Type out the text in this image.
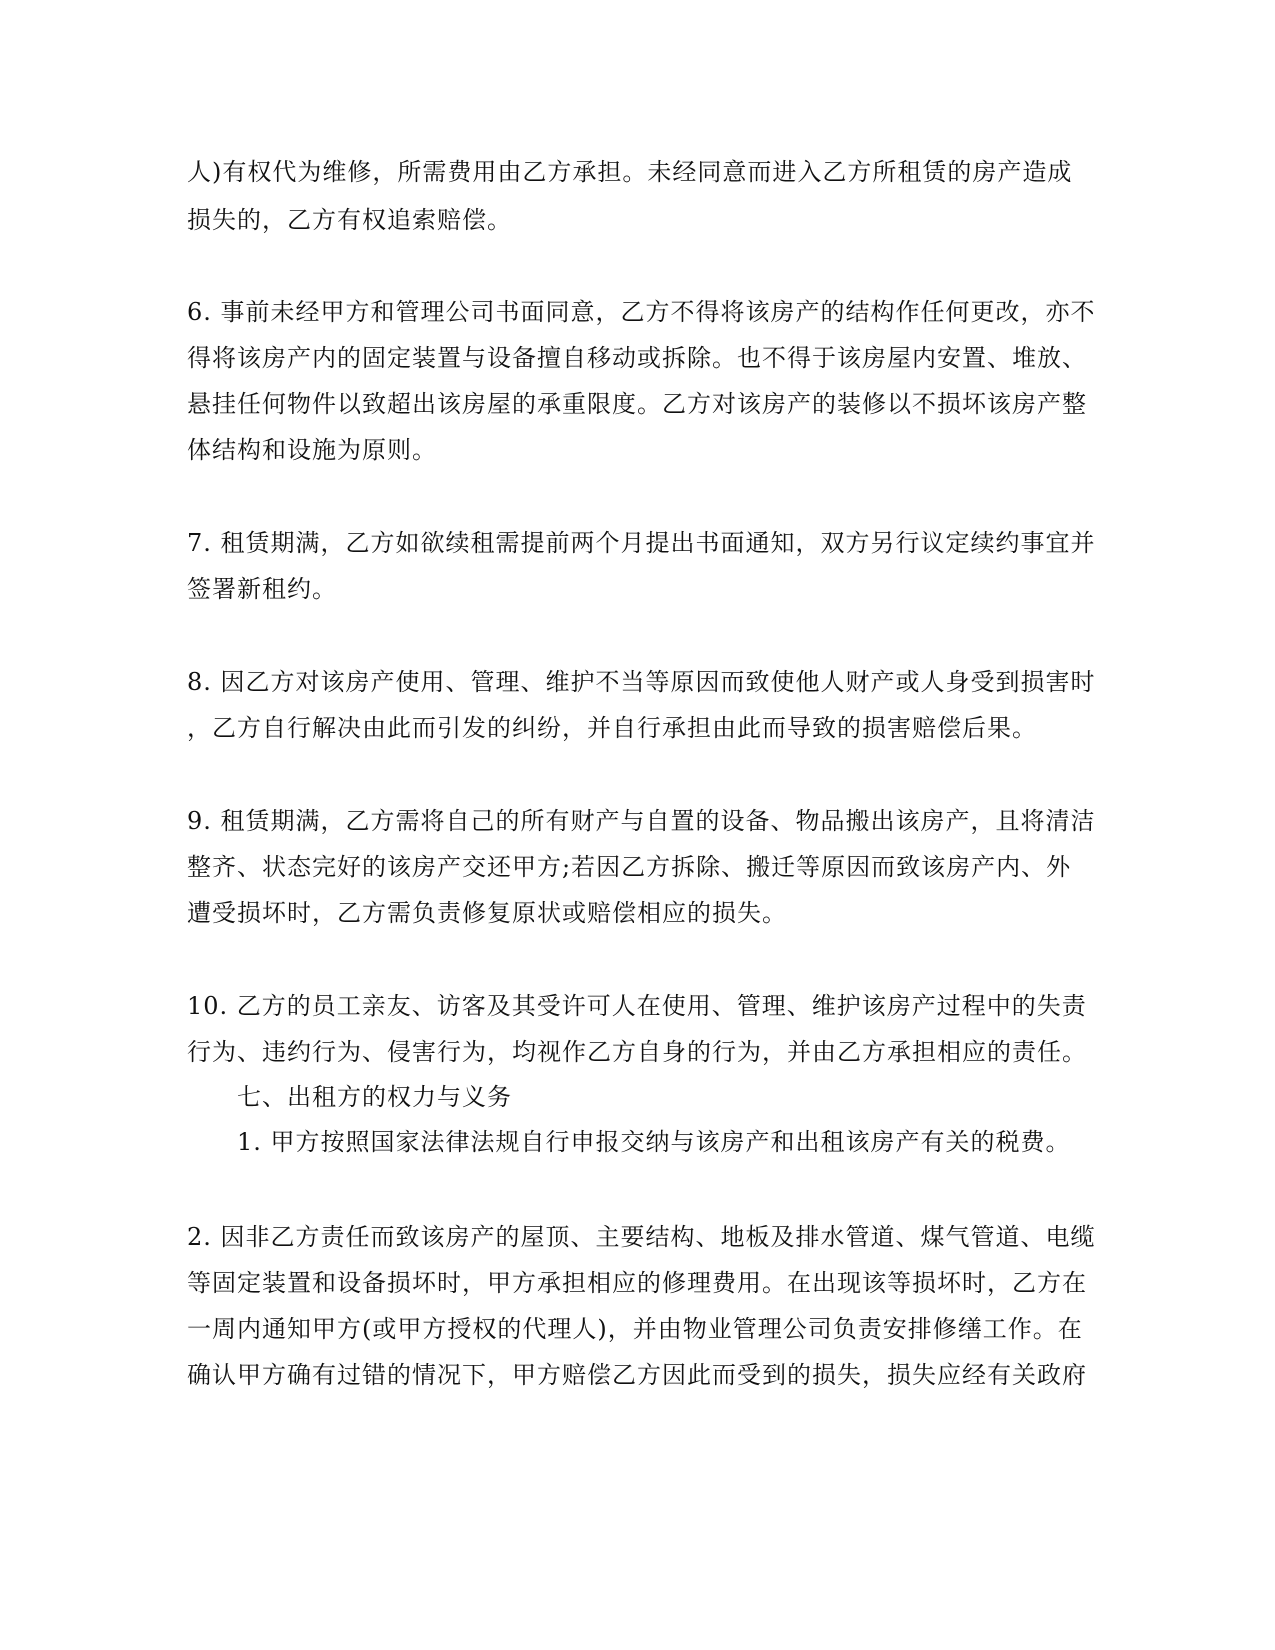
人)有权代为维修，所需费用由乙方承担。未经同意而进入乙方所租赁的房产造成
损失的，乙方有权追索赔偿。
6. 事前未经甲方和管理公司书面同意，乙方不得将该房产的结构作任何更改，亦不
得将该房产内的固定装置与设备擅自移动或拆除。也不得于该房屋内安置、堆放、
悬挂任何物件以致超出该房屋的承重限度。乙方对该房产的装修以不损坏该房产整
体结构和设施为原则。
7. 租赁期满，乙方如欲续租需提前两个月提出书面通知，双方另行议定续约事宜并
签署新租约。
8. 因乙方对该房产使用、管理、维护不当等原因而致使他人财产或人身受到损害时
，乙方自行解决由此而引发的纠纷，并自行承担由此而导致的损害赔偿后果。
9. 租赁期满，乙方需将自己的所有财产与自置的设备、物品搬出该房产，且将清洁
整齐、状态完好的该房产交还甲方;若因乙方拆除、搬迁等原因而致该房产内、外
遭受损坏时，乙方需负责修复原状或赔偿相应的损失。
10. 乙方的员工亲友、访客及其受许可人在使用、管理、维护该房产过程中的失责
行为、违约行为、侵害行为，均视作乙方自身的行为，并由乙方承担相应的责任。
七、出租方的权力与义务
1. 甲方按照国家法律法规自行申报交纳与该房产和出租该房产有关的税费。
2. 因非乙方责任而致该房产的屋顶、主要结构、地板及排水管道、煤气管道、电缆
等固定装置和设备损坏时，甲方承担相应的修理费用。在出现该等损坏时，乙方在
一周内通知甲方(或甲方授权的代理人)，并由物业管理公司负责安排修缮工作。在
确认甲方确有过错的情况下，甲方赔偿乙方因此而受到的损失，损失应经有关政府
